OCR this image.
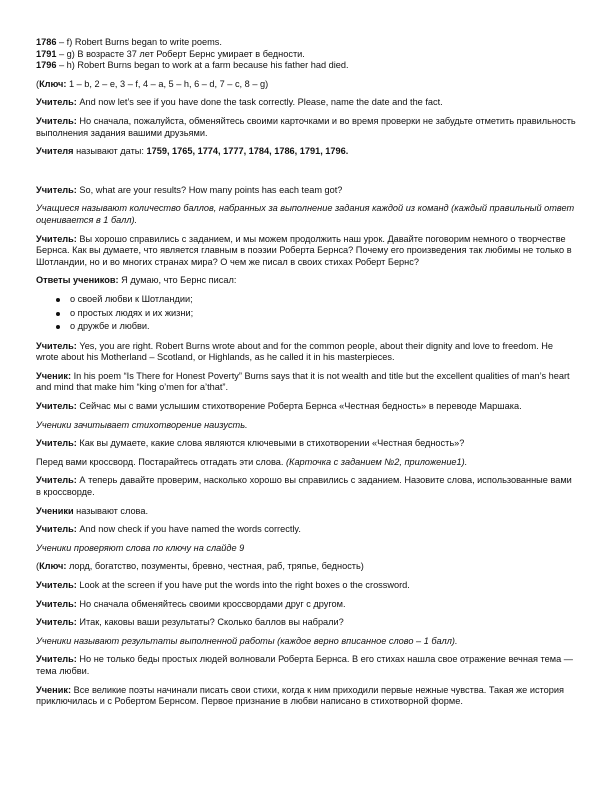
1786 – f) Robert Burns began to write poems.

1791 – g) В возрасте 37 лет Роберт Бернс умирает в бедности.

1796 – h) Robert Burns began to work at a farm because his father had died.

(Ключ: 1 – b, 2 – e, 3 – f, 4 – a, 5 – h, 6 – d, 7 – c, 8 – g)

Учитель: And now let’s see if you have done the task correctly. Please, name the date and the fact.

Учитель: Но сначала, пожалуйста, обменяйтесь своими карточками и во время проверки не забудьте отметить правильность выполнения задания вашими друзьями.

Учителя называют даты: 1759, 1765, 1774, 1777, 1784, 1786, 1791, 1796.

Учитель: So, what are your results? How many points has each team got?

Учащиеся называют количество баллов, набранных за выполнение задания каждой из команд (каждый правильный ответ оценивается в 1 балл).

Учитель: Вы хорошо справились с заданием, и мы можем продолжить наш урок. Давайте поговорим немного о творчестве Бернса. Как вы думаете, что является главным в поэзии Роберта Бернса? Почему его произведения так любимы не только в Шотландии, но и во многих странах мира? О чем же писал в своих стихах Роберт Бернс?

Ответы учеников: Я думаю, что Бернс писал:

о своей любви к Шотландии;
о простых людях и их жизни;
о дружбе и любви.

Учитель: Yes, you are right. Robert Burns wrote about and for the common people, about their dignity and love to freedom. He wrote about his Motherland – Scotland, or Highlands, as he called it in his masterpieces.

Ученик: In his poem “Is There for Honest Poverty” Burns says that it is not wealth and title but the excellent qualities of man’s heart and mind that make him “king o’men for a’that”.

Учитель: Сейчас мы с вами услышим стихотворение Роберта Бернса «Честная бедность» в переводе Маршака.

Ученики зачитывает стихотворение наизусть.

Учитель: Как вы думаете, какие слова являются ключевыми в стихотворении «Честная бедность»?

Перед вами кроссворд. Постарайтесь отгадать эти слова. (Карточка с заданием №2, приложение1).

Учитель: А теперь давайте проверим, насколько хорошо вы справились с заданием. Назовите слова, использованные вами в кроссворде.

Ученики называют слова.

Учитель: And now check if you have named the words correctly.

Ученики проверяют слова по ключу на слайде 9

(Ключ: лорд, богатство, позументы, бревно, честная, раб, тряпье, бедность)

Учитель: Look at the screen if you have put the words into the right boxes o the crossword.

Учитель: Но сначала обменяйтесь своими кроссвордами друг с другом.

Учитель: Итак, каковы ваши результаты? Сколько баллов вы набрали?

Ученики называют результаты выполненной работы (каждое верно вписанное слово – 1 балл).

Учитель: Но не только беды простых людей волновали Роберта Бернса. В его стихах нашла свое отражение вечная тема — тема любви.

Ученик: Все великие поэты начинали писать свои стихи, когда к ним приходили первые нежные чувства. Такая же история приключилась и с Робертом Бернсом. Первое признание в любви написано в стихотворной форме.
